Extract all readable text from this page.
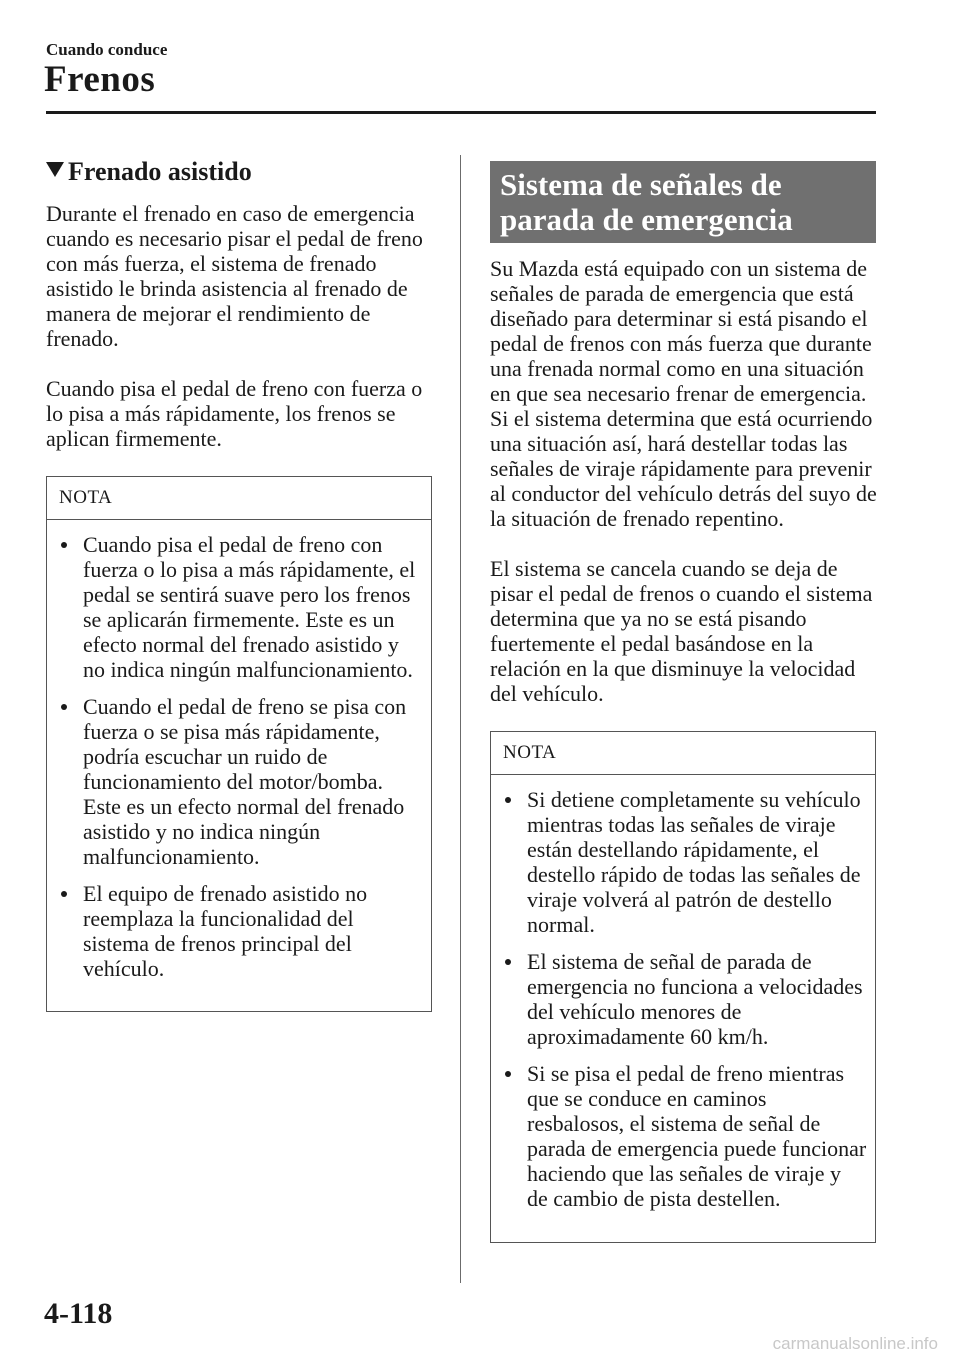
Cuando conduce
Frenos
Frenado asistido

Durante el frenado en caso de emergencia cuando es necesario pisar el pedal de freno con más fuerza, el sistema de frenado asistido le brinda asistencia al frenado de manera de mejorar el rendimiento de frenado.

Cuando pisa el pedal de freno con fuerza o lo pisa a más rápidamente, los frenos se aplican firmemente.

NOTA
Cuando pisa el pedal de freno con fuerza o lo pisa a más rápidamente, el pedal se sentirá suave pero los frenos se aplicarán firmemente. Este es un efecto normal del frenado asistido y no indica ningún malfuncionamiento.
Cuando el pedal de freno se pisa con fuerza o se pisa más rápidamente, podría escuchar un ruido de funcionamiento del motor/bomba. Este es un efecto normal del frenado asistido y no indica ningún malfuncionamiento.
El equipo de frenado asistido no reemplaza la funcionalidad del sistema de frenos principal del vehículo.
Sistema de señales de
parada de emergencia

Su Mazda está equipado con un sistema de señales de parada de emergencia que está diseñado para determinar si está pisando el pedal de frenos con más fuerza que durante una frenada normal como en una situación en que sea necesario frenar de emergencia. Si el sistema determina que está ocurriendo una situación así, hará destellar todas las señales de viraje rápidamente para prevenir al conductor del vehículo detrás del suyo de la situación de frenado repentino.

El sistema se cancela cuando se deja de pisar el pedal de frenos o cuando el sistema determina que ya no se está pisando fuertemente el pedal basándose en la relación en la que disminuye la velocidad del vehículo.

NOTA
Si detiene completamente su vehículo mientras todas las señales de viraje están destellando rápidamente, el destello rápido de todas las señales de viraje volverá al patrón de destello normal.
El sistema de señal de parada de emergencia no funciona a velocidades del vehículo menores de aproximadamente 60 km/h.
Si se pisa el pedal de freno mientras que se conduce en caminos resbalosos, el sistema de señal de parada de emergencia puede funcionar haciendo que las señales de viraje y de cambio de pista destellen.
4-118
carmanualsonline.info
